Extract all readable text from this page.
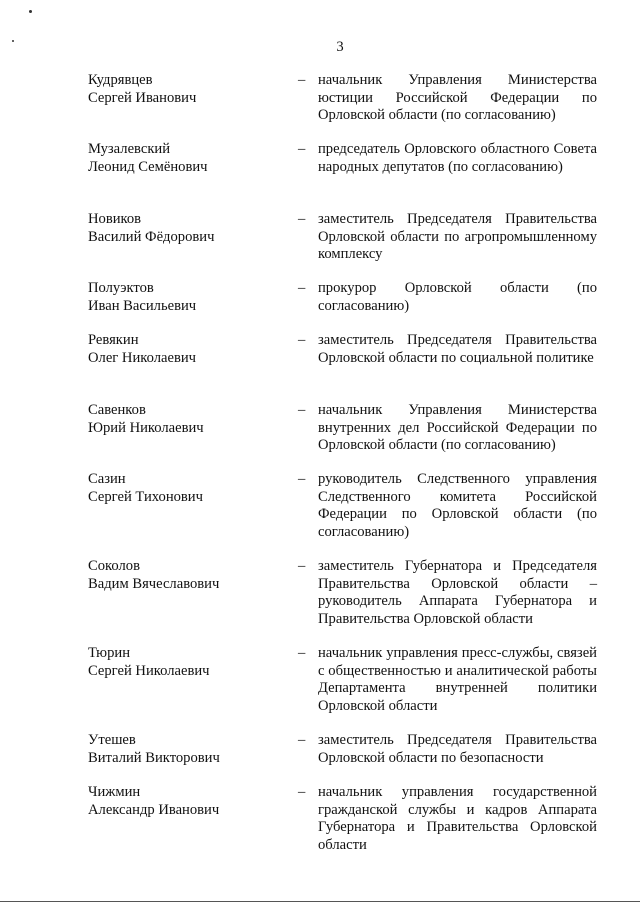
3
Кудрявцев
Сергей Иванович
– начальник Управления Министерства юстиции Российской Федерации по Орловской области (по согласованию)
Музалевский
Леонид Семёнович
– председатель Орловского областного Совета народных депутатов (по согласованию)
Новиков
Василий Фёдорович
– заместитель Председателя Правительства Орловской области по агропромышленному комплексу
Полуэктов
Иван Васильевич
– прокурор Орловской области (по согласованию)
Ревякин
Олег Николаевич
– заместитель Председателя Правительства Орловской области по социальной политике
Савенков
Юрий Николаевич
– начальник Управления Министерства внутренних дел Российской Федерации по Орловской области (по согласованию)
Сазин
Сергей Тихонович
– руководитель Следственного управления Следственного комитета Российской Федерации по Орловской области (по согласованию)
Соколов
Вадим Вячеславович
– заместитель Губернатора и Председателя Правительства Орловской области – руководитель Аппарата Губернатора и Правительства Орловской области
Тюрин
Сергей Николаевич
– начальник управления пресс-службы, связей с общественностью и аналитической работы Департамента внутренней политики Орловской области
Утешев
Виталий Викторович
– заместитель Председателя Правительства Орловской области по безопасности
Чижмин
Александр Иванович
– начальник управления государственной гражданской службы и кадров Аппарата Губернатора и Правительства Орловской области
